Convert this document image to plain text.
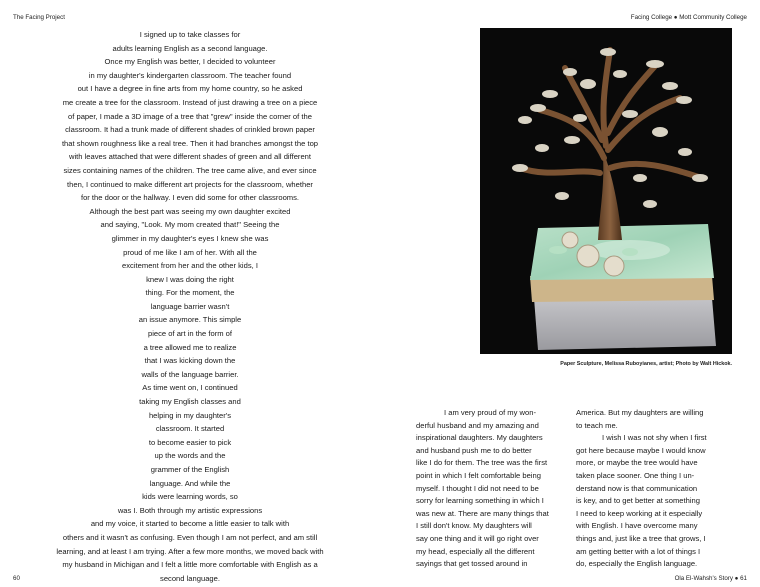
The Facing Project	Facing College ● Mott Community College
I signed up to take classes for
adults learning English as a second language.
Once my English was better, I decided to volunteer
in my daughter's kindergarten classroom. The teacher found
out I have a degree in fine arts from my home country, so he asked
me create a tree for the classroom. Instead of just drawing a tree on a piece
of paper, I made a 3D image of a tree that "grew" inside the corner of the
classroom. It had a trunk made of different shades of crinkled brown paper
that shown roughness like a real tree. Then it had branches amongst the top
with leaves attached that were different shades of green and all different
sizes containing names of the children. The tree came alive, and ever since
then, I continued to make different art projects for the classroom, whether
for the door or the hallway. I even did some for other classrooms.
Although the best part was seeing my own daughter excited
and saying, "Look. My mom created that!" Seeing the
glimmer in my daughter's eyes I knew she was
proud of me like I am of her. With all the
excitement from her and the other kids, I
knew I was doing the right
thing. For the moment, the
language barrier wasn't
an issue anymore. This simple
piece of art in the form of
a tree allowed me to realize
that I was kicking down the
walls of the language barrier.
As time went on, I continued
taking my English classes and
helping in my daughter's
classroom. It started
to become easier to pick
up the words and the
grammer of the English
language. And while the
kids were learning words, so
was I. Both through my artistic expressions
and my voice, it started to become a little easier to talk with
others and it wasn't as confusing. Even though I am not perfect, and am still
learning, and at least I am trying. After a few more months, we moved back with
my husband in Michigan and I felt a little more comfortable with English as a
second language.
Paper Sculpture, Melissa Ruboyianes, artist; Photo by Walt Hickok.
I am very proud of my won-
derful husband and my amazing and
inspirational daughters. My daughters
and husband push me to do better
like I do for them. The tree was the first
point in which I felt comfortable being
myself. I thought I did not need to be
sorry for learning something in which I
was new at. There are many things that
I still don't know. My daughters will
say one thing and it will go right over
my head, especially all the different
sayings that get tossed around in
America. But my daughters are willing
to teach me.
I wish I was not shy when I first
got here because maybe I would know
more, or maybe the tree would have
taken place sooner. One thing I un-
derstand now is that communication
is key, and to get better at something
I need to keep working at it especially
with English. I have overcome many
things and, just like a tree that grows, I
am getting better with a lot of things I
do, especially the English language.
60	Ola El-Wahsh's Story ● 61
